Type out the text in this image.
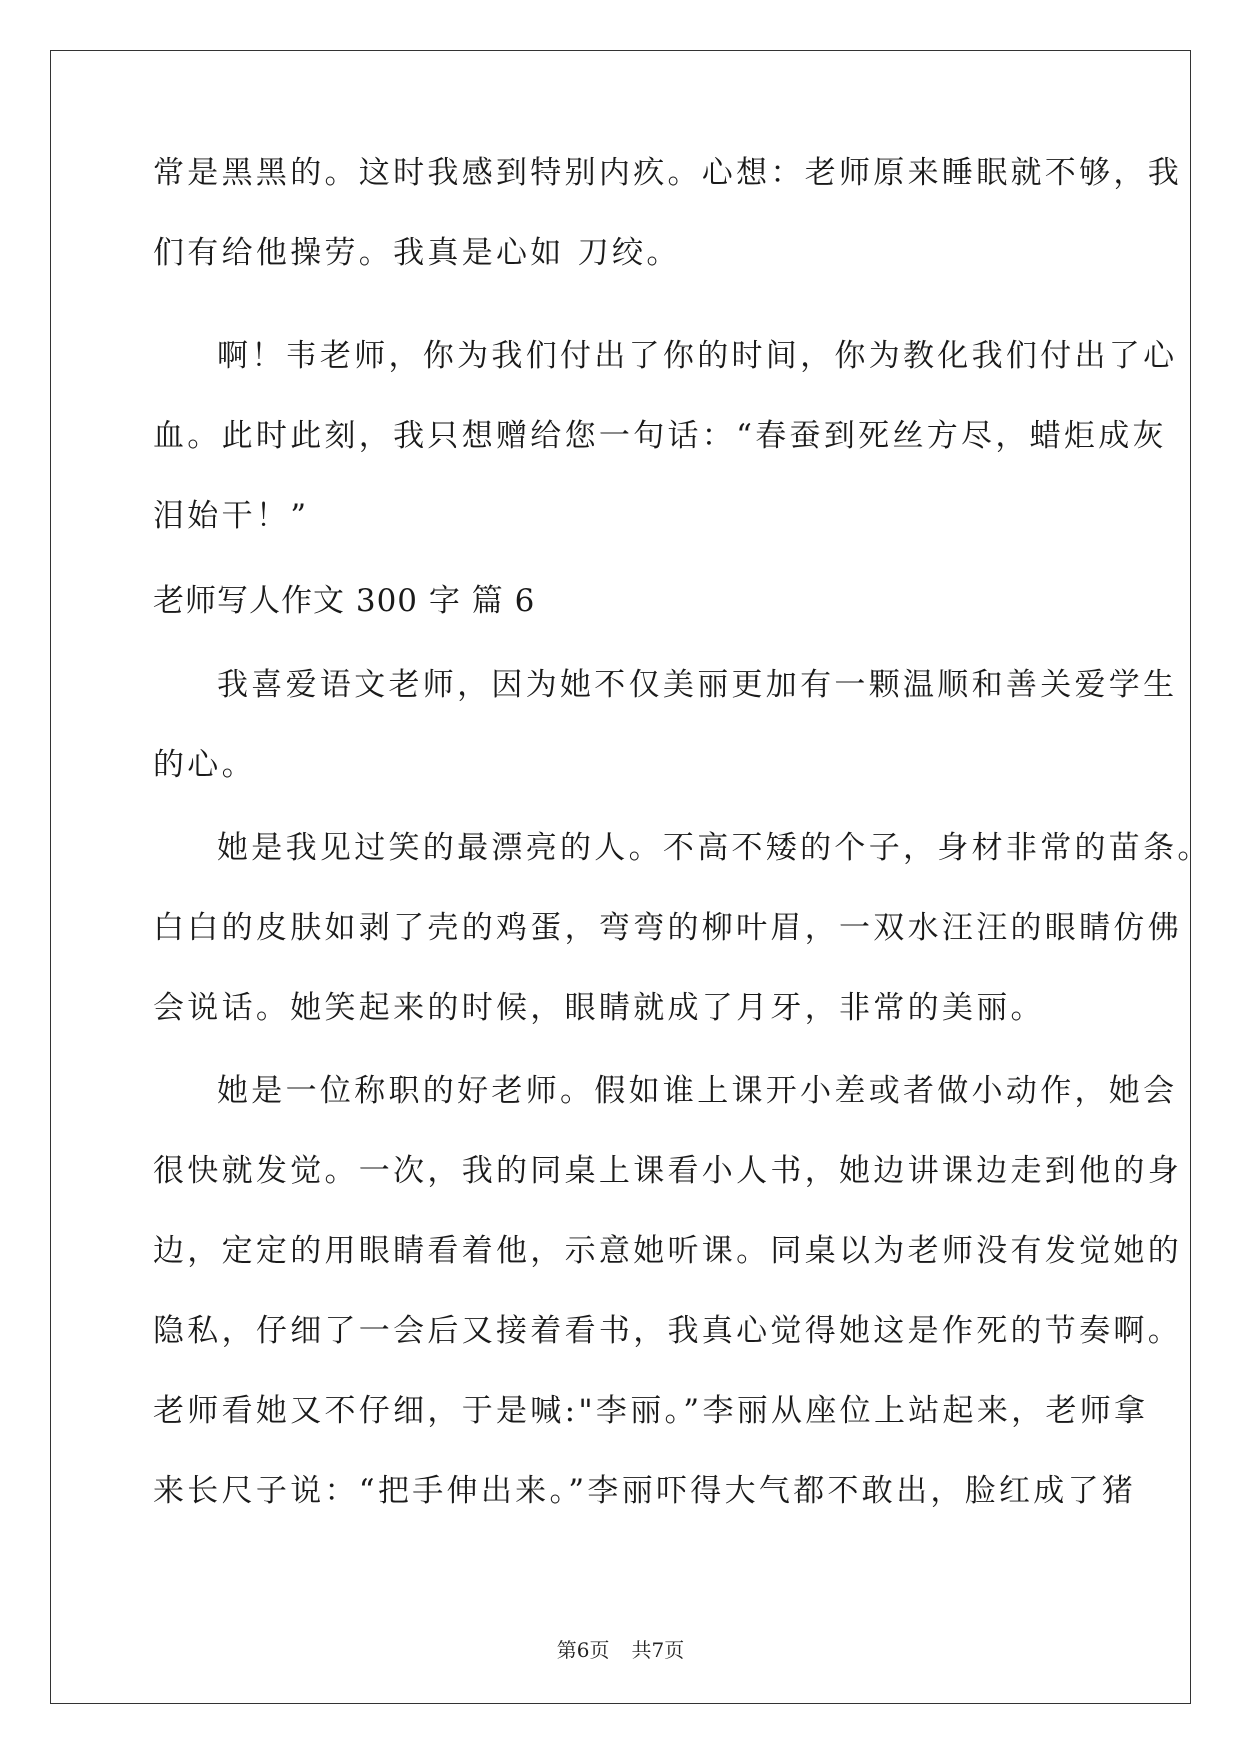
常是黑黑的。这时我感到特别内疚。心想：老师原来睡眠就不够，我

们有给他操劳。我真是心如 刀绞。

啊！韦老师，你为我们付出了你的时间，你为教化我们付出了心

血。此时此刻，我只想赠给您一句话：“春蚕到死丝方尽，蜡炬成灰

泪始干！”

老师写人作文 300 字 篇 6

我喜爱语文老师，因为她不仅美丽更加有一颗温顺和善关爱学生

的心。

她是我见过笑的最漂亮的人。不高不矮的个子，身材非常的苗条。

白白的皮肤如剥了壳的鸡蛋，弯弯的柳叶眉，一双水汪汪的眼睛仿佛

会说话。她笑起来的时候，眼睛就成了月牙，非常的美丽。

她是一位称职的好老师。假如谁上课开小差或者做小动作，她会

很快就发觉。一次，我的同桌上课看小人书，她边讲课边走到他的身

边，定定的用眼睛看着他，示意她听课。同桌以为老师没有发觉她的

隐私，仔细了一会后又接着看书，我真心觉得她这是作死的节奏啊。

老师看她又不仔细，于是喊:"李丽。”李丽从座位上站起来，老师拿

来长尺子说：“把手伸出来。”李丽吓得大气都不敢出，脸红成了猪

第6页 共7页
